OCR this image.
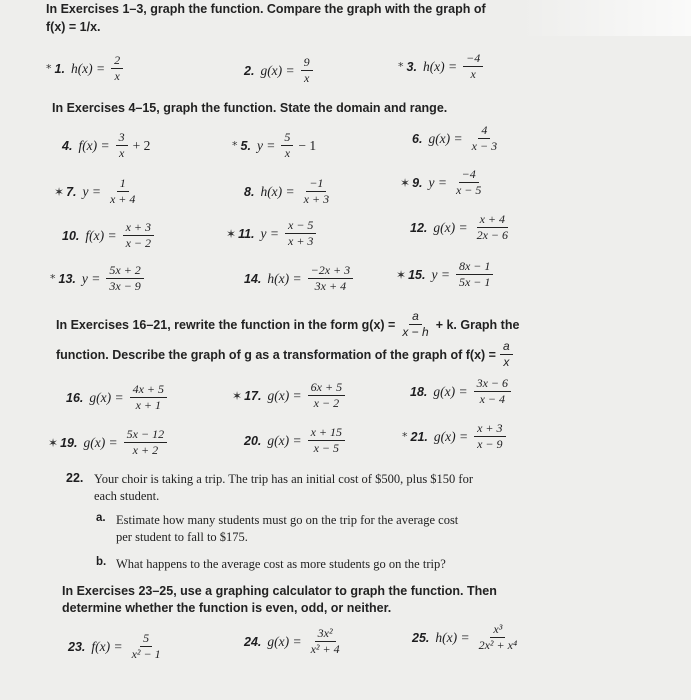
In Exercises 1–3, graph the function. Compare the graph with the graph of
f(x) = 1/x.
* 1. $h(x) = \frac{2}{x}$	2. $g(x) = \frac{9}{x}$	* 3. $h(x) = \frac{-4}{x}$
In Exercises 4–15, graph the function. State the domain and range.
4. $f(x) = \frac{3}{x} + 2$	* 5. $y = \frac{5}{x} - 1$	6. $g(x) = \frac{4}{x - 3}$
✶ 7. $y = \frac{1}{x + 4}$	8. $h(x) = \frac{-1}{x + 3}$	✶ 9. $y = \frac{-4}{x - 5}$
10. $f(x) = \frac{x + 3}{x - 2}$	✶ 11. $y = \frac{x - 5}{x + 3}$	12. $g(x) = \frac{x + 4}{2x - 6}$
* 13. $y = \frac{5x + 2}{3x - 9}$	14. $h(x) = \frac{-2x + 3}{3x + 4}$	✶ 15. $y = \frac{8x - 1}{5x - 1}$
In Exercises 16–21, rewrite the function in the form $g(x) = \frac{a}{x - h} + k$. Graph the
function. Describe the graph of g as a transformation of the graph of $f(x) = \frac{a}{x}$
16. $g(x) = \frac{4x + 5}{x + 1}$	✶ 17. $g(x) = \frac{6x + 5}{x - 2}$	18. $g(x) = \frac{3x - 6}{x - 4}$
✶ 19. $g(x) = \frac{5x - 12}{x + 2}$	20. $g(x) = \frac{x + 15}{x - 5}$	* 21. $g(x) = \frac{x + 3}{x - 9}$
22. Your choir is taking a trip. The trip has an initial cost of $500, plus $150 for
each student.
a. Estimate how many students must go on the trip for the average cost
per student to fall to $175.
b. What happens to the average cost as more students go on the trip?
In Exercises 23–25, use a graphing calculator to graph the function. Then
determine whether the function is even, odd, or neither.
23. $f(x) = \frac{5}{\text{x² − 1}}$	24. $g(x) = \frac{\text{3x²}}{\text{x² + 4}}$	25. $h(x) = \frac{\text{x³}}{\text{2x² + x⁴}}$
